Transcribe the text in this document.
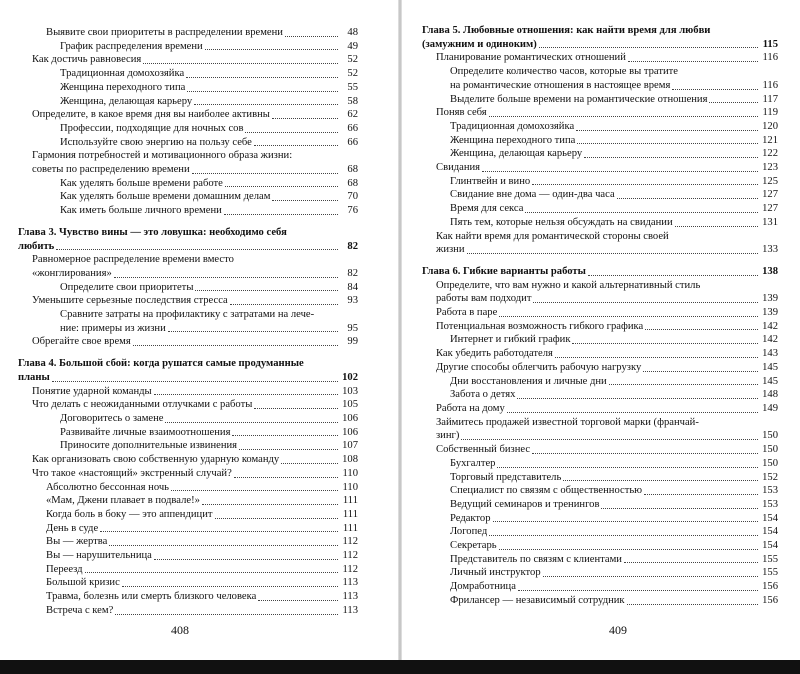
Выявите свои приоритеты в распределении времени	48
График распределения времени	49
Как достичь равновесия	52
Традиционная домохозяйка	52
Женщина переходного типа	55
Женщина, делающая карьеру	58
Определите, в какое время дня вы наиболее активны	62
Профессии, подходящие для ночных сов	66
Используйте свою энергию на пользу себе	66
Гармония потребностей и мотивационного образа жизни:
советы по распределению времени	68
Как уделять больше времени работе	68
Как уделять больше времени домашним делам	70
Как иметь больше личного времени	76
Глава 3. Чувство вины — это ловушка: необходимо себя
любить	82
Равномерное распределение времени вместо
«жонглирования»	82
Определите свои приоритеты	84
Уменьшите серьезные последствия стресса	93
Сравните затраты на профилактику с затратами на лече-
ние: примеры из жизни	95
Обрегайте свое время	99
Глава 4. Большой сбой: когда рушатся самые продуманные
планы	102
Понятие ударной команды	103
Что делать с неожиданными отлучками с работы	105
Договоритесь о замене	106
Развивайте личные взаимоотношения	106
Приносите дополнительные извинения	107
Как организовать свою собственную ударную команду	108
Что такое «настоящий» экстренный случай?	110
Абсолютно бессонная ночь	110
«Мам, Джени плавает в подвале!»	111
Когда боль в боку — это аппендицит	111
День в суде	111
Вы — жертва	112
Вы — нарушительница	112
Переезд	112
Большой кризис	113
Травма, болезнь или смерть близкого человека	113
Встреча с кем?	113
408
Глава 5. Любовные отношения: как найти время для любви
(замужним и одиноким)	115
Планирование романтических отношений	116
Определите количество часов, которые вы тратите
на романтические отношения в настоящее время	116
Выделите больше времени на романтические отношения	117
Поняв себя	119
Традиционная домохозяйка	120
Женщина переходного типа	121
Женщина, делающая карьеру	122
Свидания	123
Глинтвейн и вино	125
Свидание вне дома — один-два часа	127
Время для секса	127
Пять тем, которые нельзя обсуждать на свидании	131
Как найти время для романтической стороны своей
жизни	133
Глава 6. Гибкие варианты работы	138
Определите, что вам нужно и какой альтернативный стиль
работы вам подходит	139
Работа в паре	139
Потенциальная возможность гибкого графика	142
Интернет и гибкий график	142
Как убедить работодателя	143
Другие способы облегчить рабочую нагрузку	145
Дни восстановления и личные дни	145
Забота о детях	148
Работа на дому	149
Займитесь продажей известной торговой марки (франчай-
зинг)	150
Собственный бизнес	150
Бухгалтер	150
Торговый представитель	152
Специалист по связям с общественностью	153
Ведущий семинаров и тренингов	153
Редактор	154
Логопед	154
Секретарь	154
Представитель по связям с клиентами	155
Личный инструктор	155
Домработница	156
Фрилансер — независимый сотрудник	156
409
